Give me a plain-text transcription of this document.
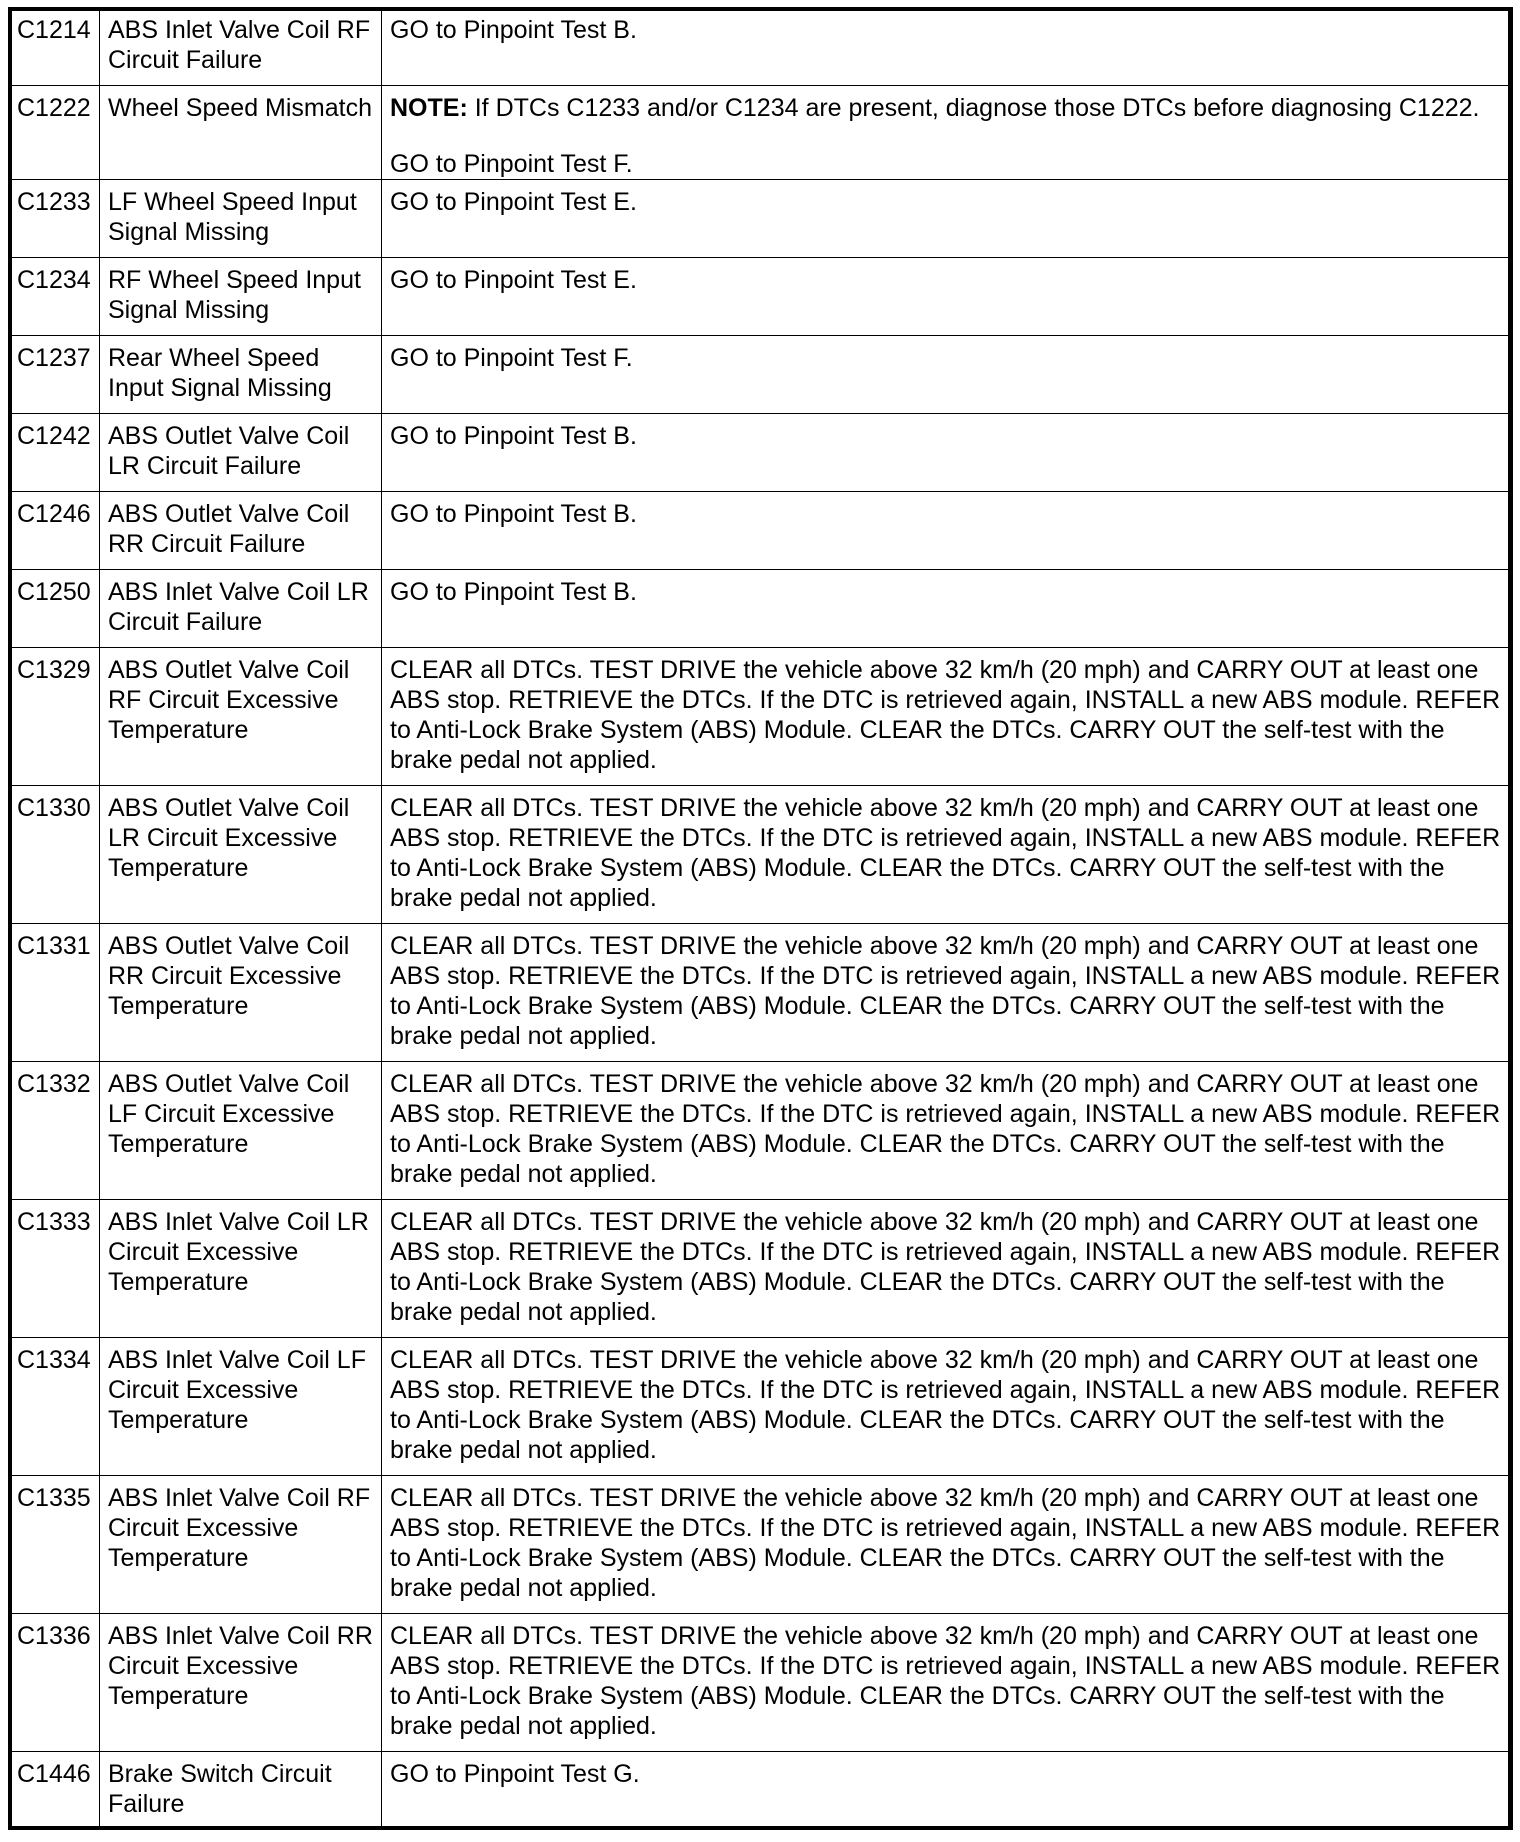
C1214	ABS Inlet Valve Coil RF Circuit Failure	GO to Pinpoint Test B.
C1222	Wheel Speed Mismatch	NOTE: If DTCs C1233 and/or C1234 are present, diagnose those DTCs before diagnosing C1222.
GO to Pinpoint Test F.

C1233	LF Wheel Speed Input Signal Missing	GO to Pinpoint Test E.
C1234	RF Wheel Speed Input Signal Missing	GO to Pinpoint Test E.
C1237	Rear Wheel Speed Input Signal Missing	GO to Pinpoint Test F.
C1242	ABS Outlet Valve Coil LR Circuit Failure	GO to Pinpoint Test B.
C1246	ABS Outlet Valve Coil RR Circuit Failure	GO to Pinpoint Test B.
C1250	ABS Inlet Valve Coil LR Circuit Failure	GO to Pinpoint Test B.
C1329	ABS Outlet Valve Coil RF Circuit Excessive Temperature	CLEAR all DTCs. TEST DRIVE the vehicle above 32 km/h (20 mph) and CARRY OUT at least one ABS stop. RETRIEVE the DTCs. If the DTC is retrieved again, INSTALL a new ABS module. REFER to Anti-Lock Brake System (ABS) Module. CLEAR the DTCs. CARRY OUT the self-test with the brake pedal not applied.
C1330	ABS Outlet Valve Coil LR Circuit Excessive Temperature	CLEAR all DTCs. TEST DRIVE the vehicle above 32 km/h (20 mph) and CARRY OUT at least one ABS stop. RETRIEVE the DTCs. If the DTC is retrieved again, INSTALL a new ABS module. REFER to Anti-Lock Brake System (ABS) Module. CLEAR the DTCs. CARRY OUT the self-test with the brake pedal not applied.
C1331	ABS Outlet Valve Coil RR Circuit Excessive Temperature	CLEAR all DTCs. TEST DRIVE the vehicle above 32 km/h (20 mph) and CARRY OUT at least one ABS stop. RETRIEVE the DTCs. If the DTC is retrieved again, INSTALL a new ABS module. REFER to Anti-Lock Brake System (ABS) Module. CLEAR the DTCs. CARRY OUT the self-test with the brake pedal not applied.
C1332	ABS Outlet Valve Coil LF Circuit Excessive Temperature	CLEAR all DTCs. TEST DRIVE the vehicle above 32 km/h (20 mph) and CARRY OUT at least one ABS stop. RETRIEVE the DTCs. If the DTC is retrieved again, INSTALL a new ABS module. REFER to Anti-Lock Brake System (ABS) Module. CLEAR the DTCs. CARRY OUT the self-test with the brake pedal not applied.
C1333	ABS Inlet Valve Coil LR Circuit Excessive Temperature	CLEAR all DTCs. TEST DRIVE the vehicle above 32 km/h (20 mph) and CARRY OUT at least one ABS stop. RETRIEVE the DTCs. If the DTC is retrieved again, INSTALL a new ABS module. REFER to Anti-Lock Brake System (ABS) Module. CLEAR the DTCs. CARRY OUT the self-test with the brake pedal not applied.
C1334	ABS Inlet Valve Coil LF Circuit Excessive Temperature	CLEAR all DTCs. TEST DRIVE the vehicle above 32 km/h (20 mph) and CARRY OUT at least one ABS stop. RETRIEVE the DTCs. If the DTC is retrieved again, INSTALL a new ABS module. REFER to Anti-Lock Brake System (ABS) Module. CLEAR the DTCs. CARRY OUT the self-test with the brake pedal not applied.
C1335	ABS Inlet Valve Coil RF Circuit Excessive Temperature	CLEAR all DTCs. TEST DRIVE the vehicle above 32 km/h (20 mph) and CARRY OUT at least one ABS stop. RETRIEVE the DTCs. If the DTC is retrieved again, INSTALL a new ABS module. REFER to Anti-Lock Brake System (ABS) Module. CLEAR the DTCs. CARRY OUT the self-test with the brake pedal not applied.
C1336	ABS Inlet Valve Coil RR Circuit Excessive Temperature	CLEAR all DTCs. TEST DRIVE the vehicle above 32 km/h (20 mph) and CARRY OUT at least one ABS stop. RETRIEVE the DTCs. If the DTC is retrieved again, INSTALL a new ABS module. REFER to Anti-Lock Brake System (ABS) Module. CLEAR the DTCs. CARRY OUT the self-test with the brake pedal not applied.
C1446	Brake Switch Circuit Failure	GO to Pinpoint Test G.
